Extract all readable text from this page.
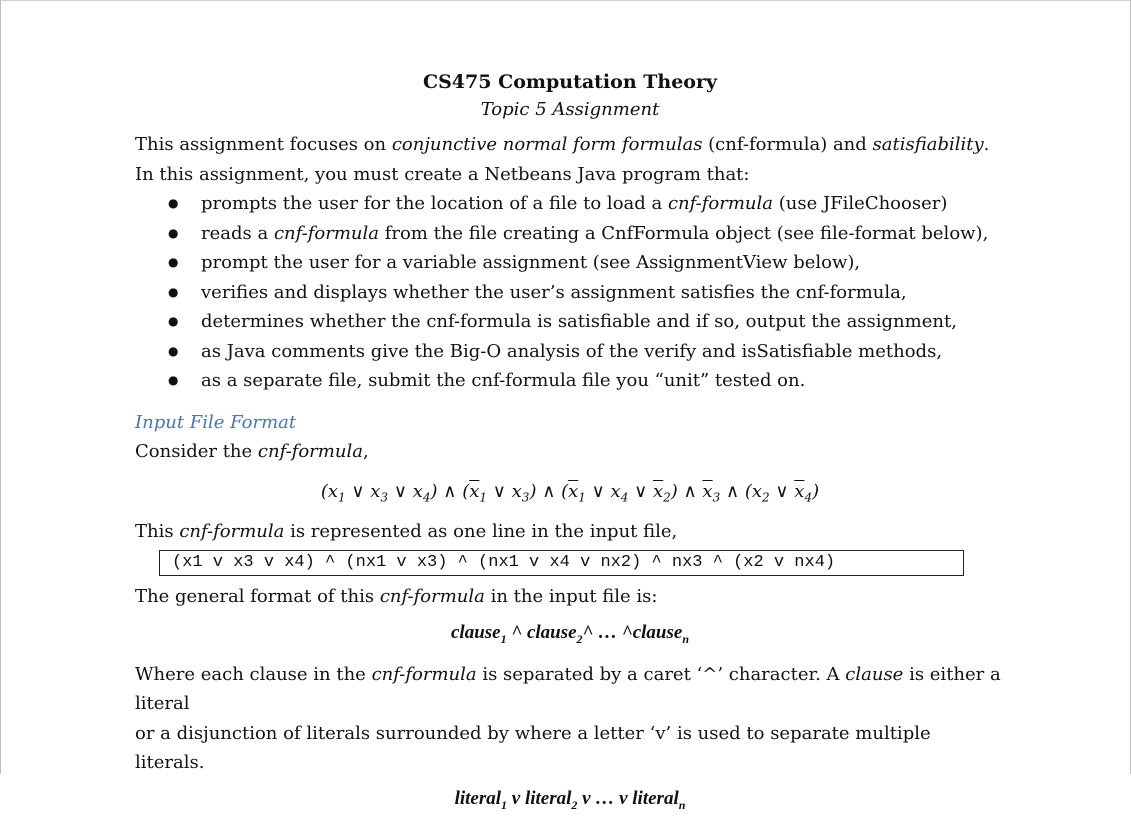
CS475 Computation Theory

Topic 5 Assignment

This assignment focuses on conjunctive normal form formulas (cnf-formula) and satisfiability.

In this assignment, you must create a Netbeans Java program that:

● prompts the user for the location of a file to load a cnf-formula (use JFileChooser)
● reads a cnf-formula from the file creating a CnfFormula object (see file-format below),
● prompt the user for a variable assignment (see AssignmentView below),
● verifies and displays whether the user’s assignment satisfies the cnf-formula,
● determines whether the cnf-formula is satisfiable and if so, output the assignment,
● as Java comments give the Big-O analysis of the verify and isSatisfiable methods,
● as a separate file, submit the cnf-formula file you “unit” tested on.

Input File Format

Consider the cnf-formula,

($x_1$ ∨ $x_3$ ∨ $x_4$) ∧ ($\overline{x}_1$ ∨ $x_3$) ∧ ($\overline{x}_1$ ∨ $x_4$ ∨ $\overline{x}_2$) ∧ $\overline{x}_3$ ∧ ($x_2$ ∨ $\overline{x}_4$)

This cnf-formula is represented as one line in the input file,

(x1 v x3 v x4) ^ (nx1 v x3) ^ (nx1 v x4 v nx2) ^ nx3 ^ (x2 v nx4)

The general format of this cnf-formula in the input file is:

clause$_1$ ^ clause$_2$^ … ^clause$_n$

Where each clause in the cnf-formula is separated by a caret ‘^’ character. A clause is either a literal

or a disjunction of literals surrounded by where a letter ‘v’ is used to separate multiple literals.

literal$_1$ v literal$_2$ v … v literal$_n$
